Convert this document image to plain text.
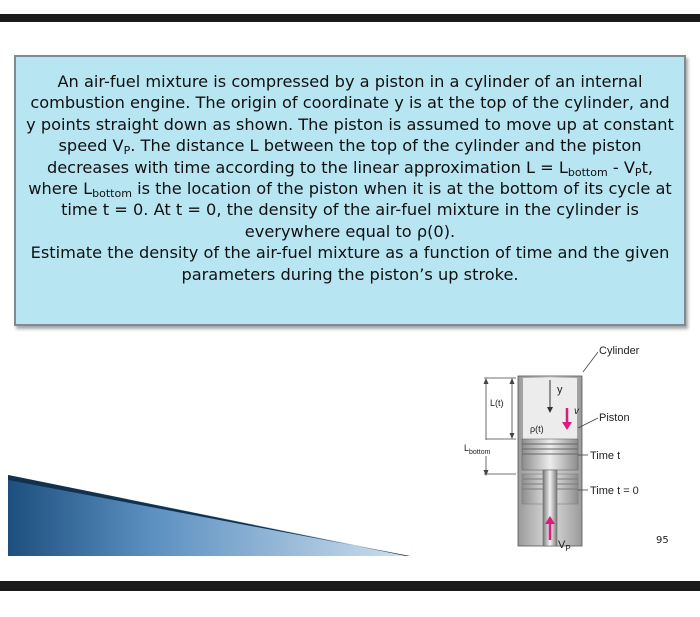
An air-fuel mixture is compressed by a piston in a cylinder of an internal combustion engine. The origin of coordinate y is at the top of the cylinder, and y points straight down as shown. The piston is assumed to move up at constant speed $V_P$. The distance L between the top of the cylinder and the piston decreases with time according to the linear approximation $L = L_{bottom} - V_Pt$, where $L_{bottom}$ is the location of the piston when it is at the bottom of its cycle at time t = 0. At t = 0, the density of the air-fuel mixture in the cylinder is everywhere equal to ρ(0).

Estimate the density of the air-fuel mixture as a function of time and the given parameters during the piston’s up stroke.

y
v
ρ(t)
$V_P$
L(t)
$L_{bottom}$
Cylinder
Piston
Time t
Time t = 0
95
